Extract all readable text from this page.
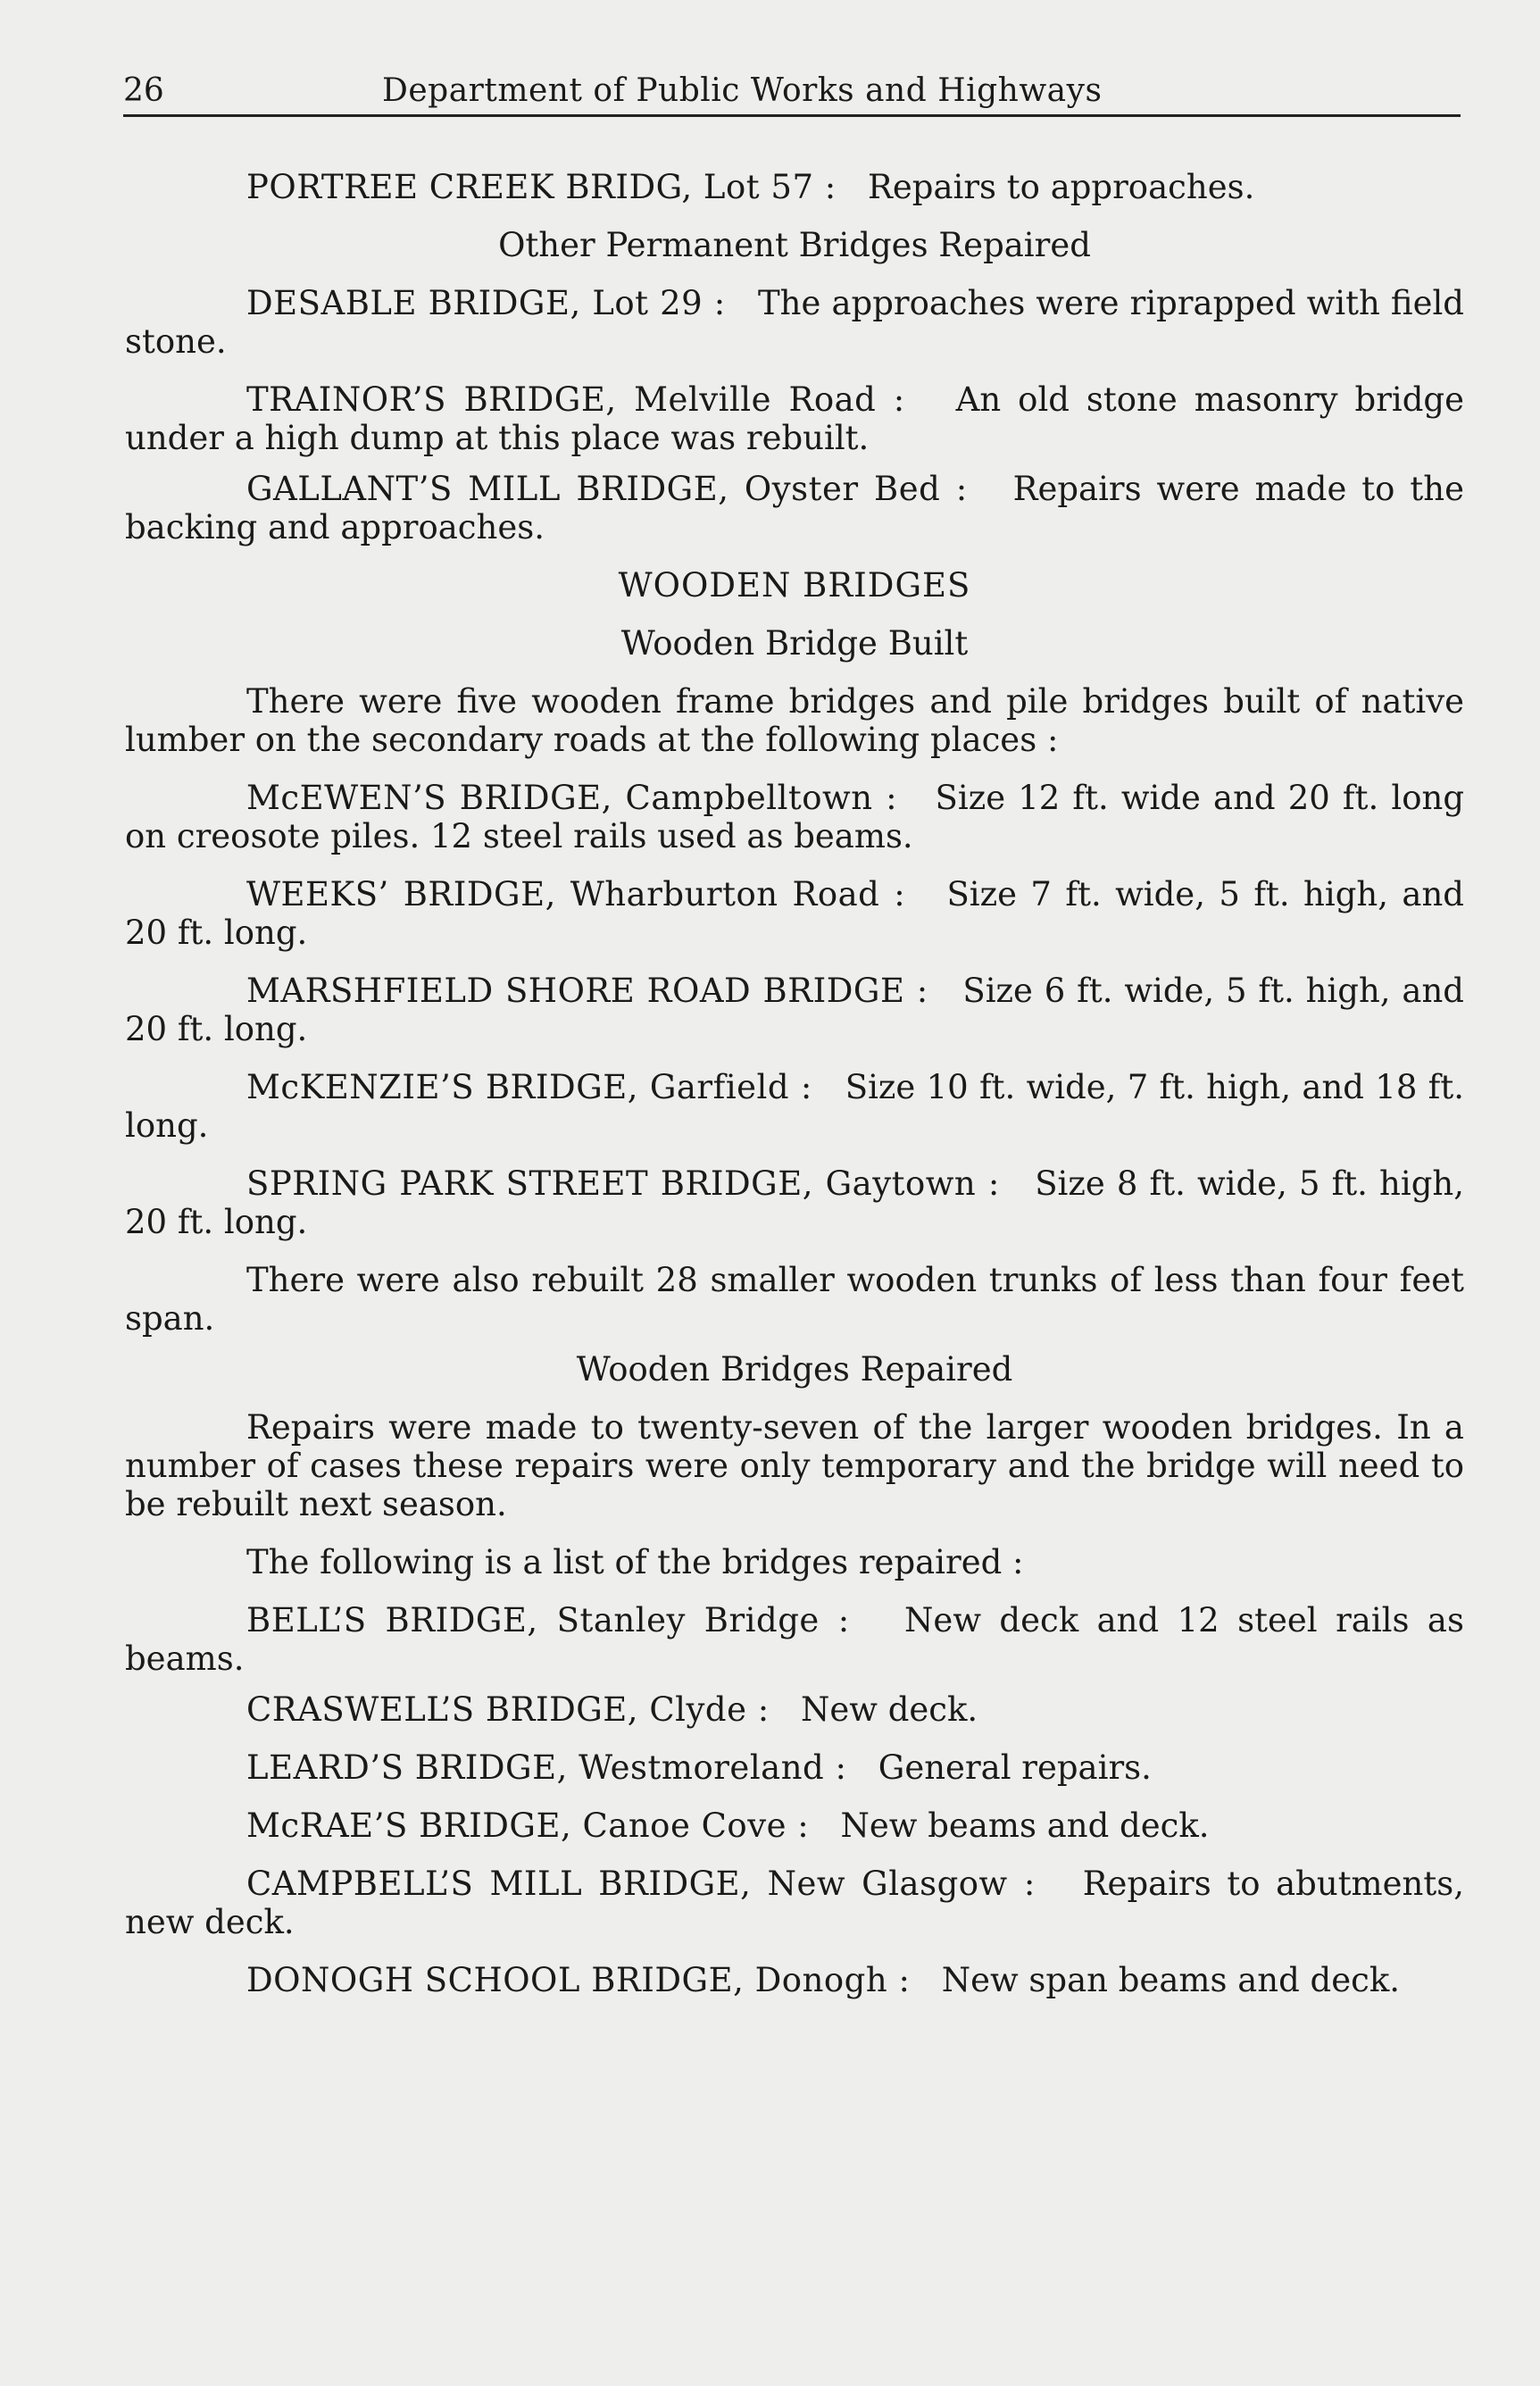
26	Department of Public Works and Highways

PORTREE CREEK BRIDG, Lot 57 : Repairs to approaches.

Other Permanent Bridges Repaired

DESABLE BRIDGE, Lot 29 : The approaches were riprapped with field stone.

TRAINOR’S BRIDGE, Melville Road : An old stone masonry bridge under a high dump at this place was rebuilt.

GALLANT’S MILL BRIDGE, Oyster Bed : Repairs were made to the backing and approaches.

WOODEN BRIDGES
Wooden Bridge Built

There were five wooden frame bridges and pile bridges built of native lumber on the secondary roads at the following places :

McEWEN’S BRIDGE, Campbelltown : Size 12 ft. wide and 20 ft. long on creosote piles. 12 steel rails used as beams.

WEEKS’ BRIDGE, Wharburton Road : Size 7 ft. wide, 5 ft. high, and 20 ft. long.

MARSHFIELD SHORE ROAD BRIDGE : Size 6 ft. wide, 5 ft. high, and 20 ft. long.

McKENZIE’S BRIDGE, Garfield : Size 10 ft. wide, 7 ft. high, and 18 ft. long.

SPRING PARK STREET BRIDGE, Gaytown : Size 8 ft. wide, 5 ft. high, 20 ft. long.

There were also rebuilt 28 smaller wooden trunks of less than four feet span.

Wooden Bridges Repaired

Repairs were made to twenty-seven of the larger wooden bridges. In a number of cases these repairs were only temporary and the bridge will need to be rebuilt next season.

The following is a list of the bridges repaired :

BELL’S BRIDGE, Stanley Bridge : New deck and 12 steel rails as beams.

CRASWELL’S BRIDGE, Clyde : New deck.

LEARD’S BRIDGE, Westmoreland : General repairs.

McRAE’S BRIDGE, Canoe Cove : New beams and deck.

CAMPBELL’S MILL BRIDGE, New Glasgow : Repairs to abutments, new deck.

DONOGH SCHOOL BRIDGE, Donogh : New span beams and deck.
